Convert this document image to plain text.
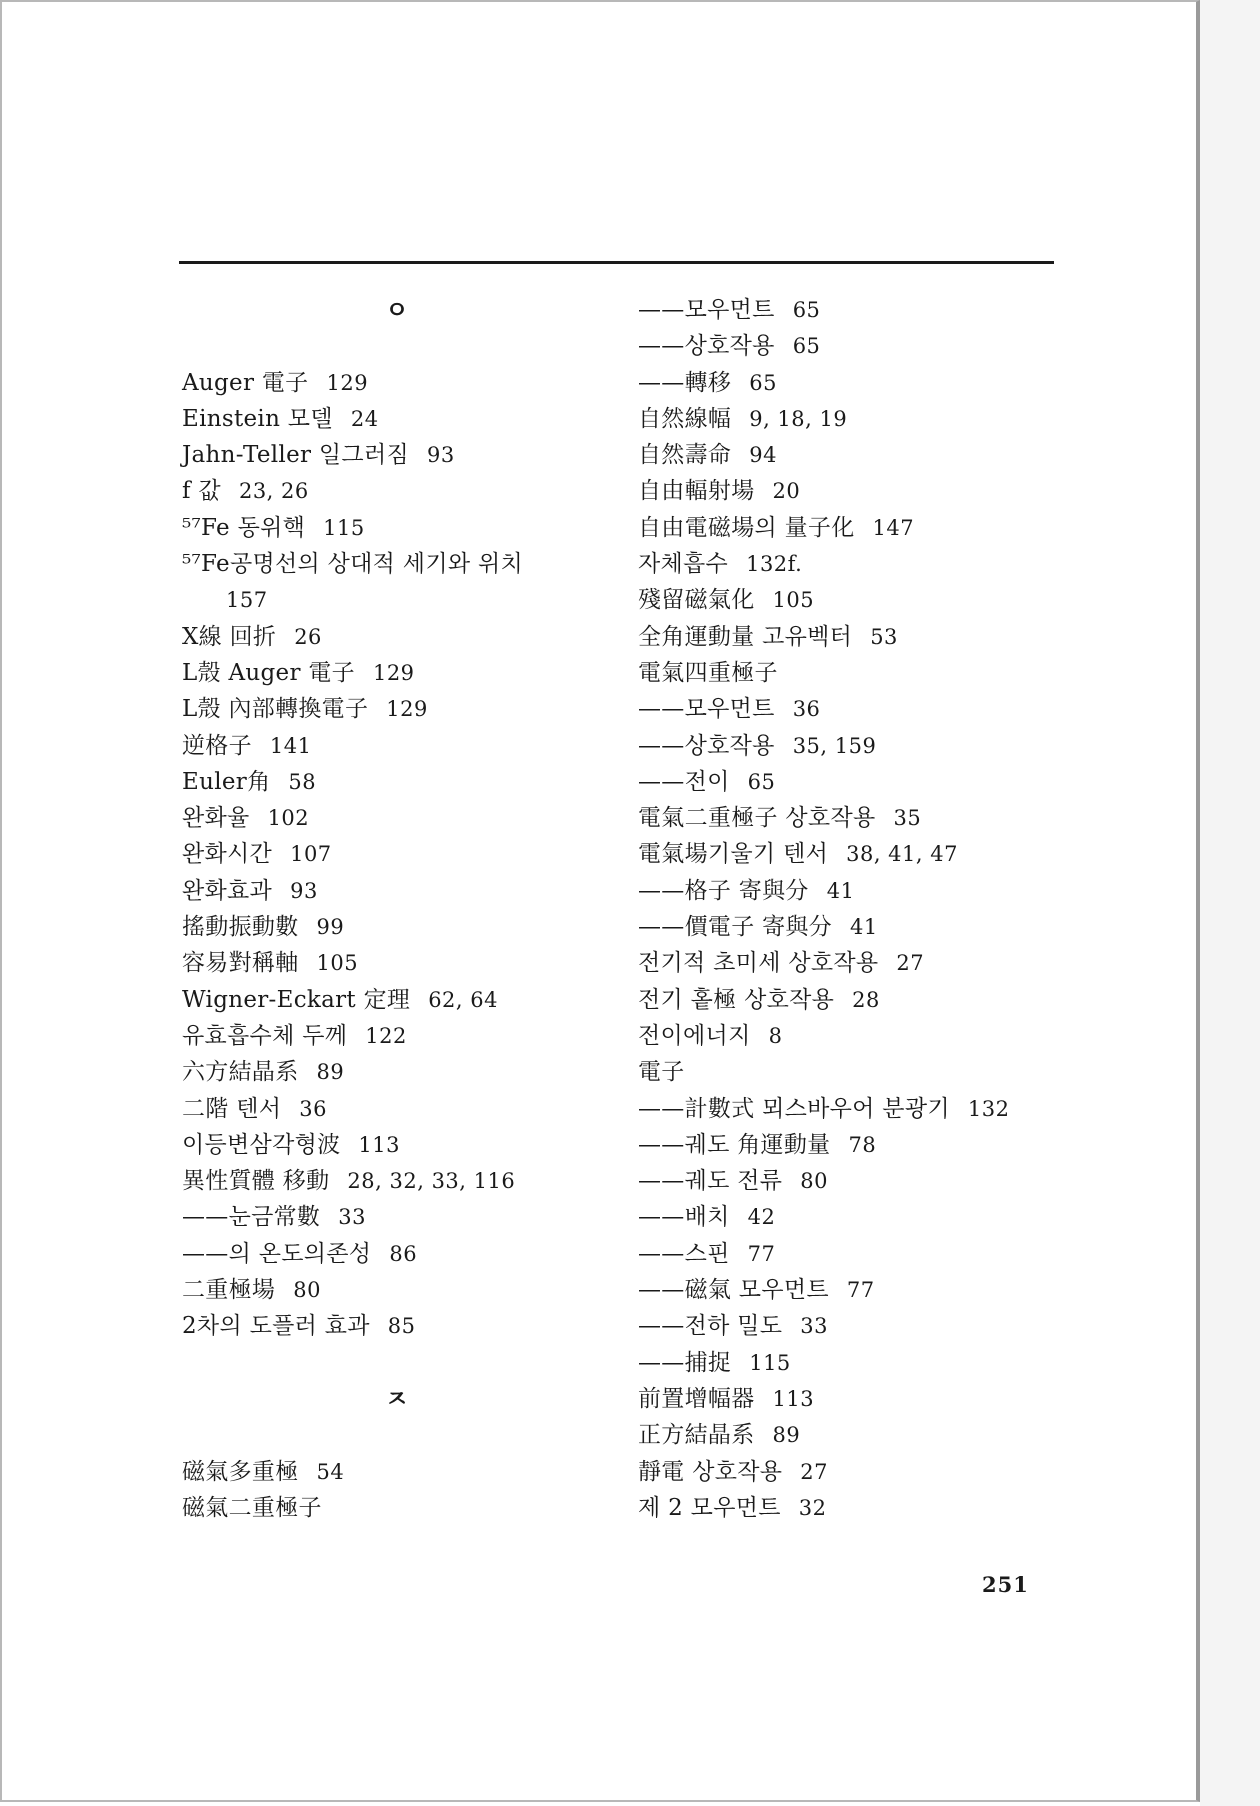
ㅇ
Auger 電子 129
Einstein 모델 24
Jahn-Teller 일그러짐 93
f 값 23, 26
⁵⁷Fe 동위핵 115
⁵⁷Fe공명선의 상대적 세기와 위치
157
X線 回折 26
L殼 Auger 電子 129
L殼 內部轉換電子 129
逆格子 141
Euler角 58
완화율 102
완화시간 107
완화효과 93
搖動振動數 99
容易對稱軸 105
Wigner-Eckart 定理 62, 64
유효흡수체 두께 122
六方結晶系 89
二階 텐서 36
이등변삼각형波 113
異性質體 移動 28, 32, 33, 116
——눈금常數 33
——의 온도의존성 86
二重極場 80
2차의 도플러 효과 85
ㅈ
磁氣多重極 54
磁氣二重極子
——모우먼트 65
——상호작용 65
——轉移 65
自然線幅 9, 18, 19
自然壽命 94
自由輻射場 20
自由電磁場의 量子化 147
자체흡수 132f.
殘留磁氣化 105
全角運動量 고유벡터 53
電氣四重極子
——모우먼트 36
——상호작용 35, 159
——전이 65
電氣二重極子 상호작용 35
電氣場기울기 텐서 38, 41, 47
——格子 寄與分 41
——價電子 寄與分 41
전기적 초미세 상호작용 27
전기 홑極 상호작용 28
전이에너지 8
電子
——計數式 뫼스바우어 분광기 132
——궤도 角運動量 78
——궤도 전류 80
——배치 42
——스핀 77
——磁氣 모우먼트 77
——전하 밀도 33
——捕捉 115
前置增幅器 113
正方結晶系 89
靜電 상호작용 27
제 2 모우먼트 32
251
